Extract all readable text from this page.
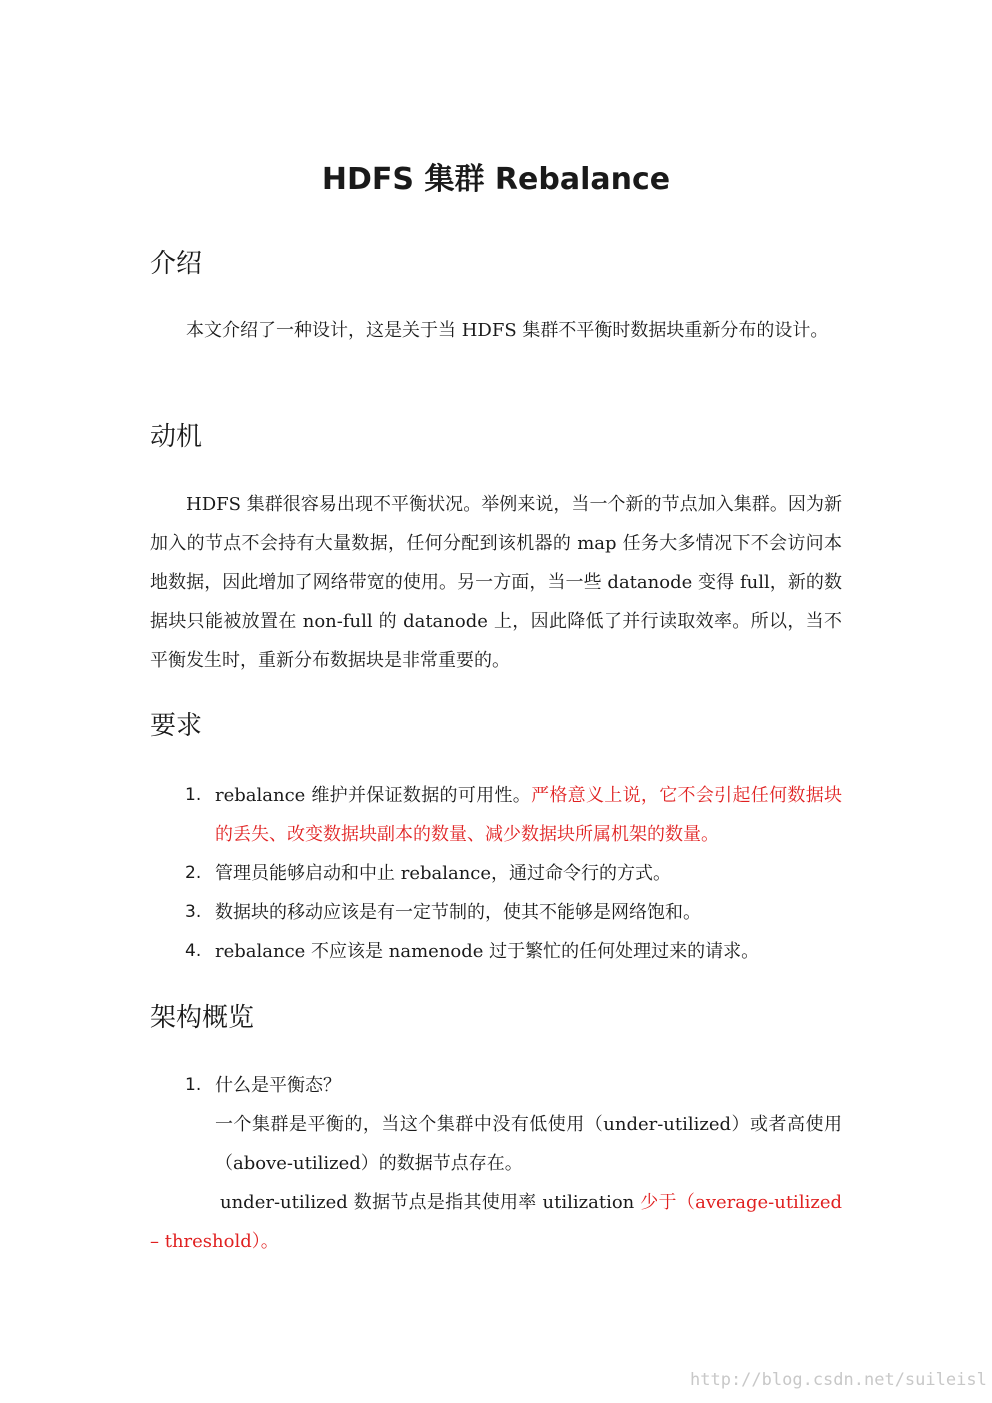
HDFS 集群 Rebalance
介绍

本文介绍了一种设计，这是关于当 HDFS 集群不平衡时数据块重新分布的设计。

动机

HDFS 集群很容易出现不平衡状况。举例来说，当一个新的节点加入集群。因为新加入的节点不会持有大量数据，任何分配到该机器的 map 任务大多情况下不会访问本地数据，因此增加了网络带宽的使用。另一方面，当一些 datanode 变得 full，新的数据块只能被放置在 non-full 的 datanode 上，因此降低了并行读取效率。所以，当不平衡发生时，重新分布数据块是非常重要的。

要求
1. rebalance 维护并保证数据的可用性。严格意义上说，它不会引起任何数据块的丢失、改变数据块副本的数量、减少数据块所属机架的数量。
2. 管理员能够启动和中止 rebalance，通过命令行的方式。
3. 数据块的移动应该是有一定节制的，使其不能够是网络饱和。
4. rebalance 不应该是 namenode 过于繁忙的任何处理过来的请求。
架构概览
1. 什么是平衡态？
一个集群是平衡的，当这个集群中没有低使用（under-utilized）或者高使用（above-utilized）的数据节点存在。

under-utilized 数据节点是指其使用率 utilization 少于（average-utilized – threshold）。

http://blog.csdn.net/suileisl
